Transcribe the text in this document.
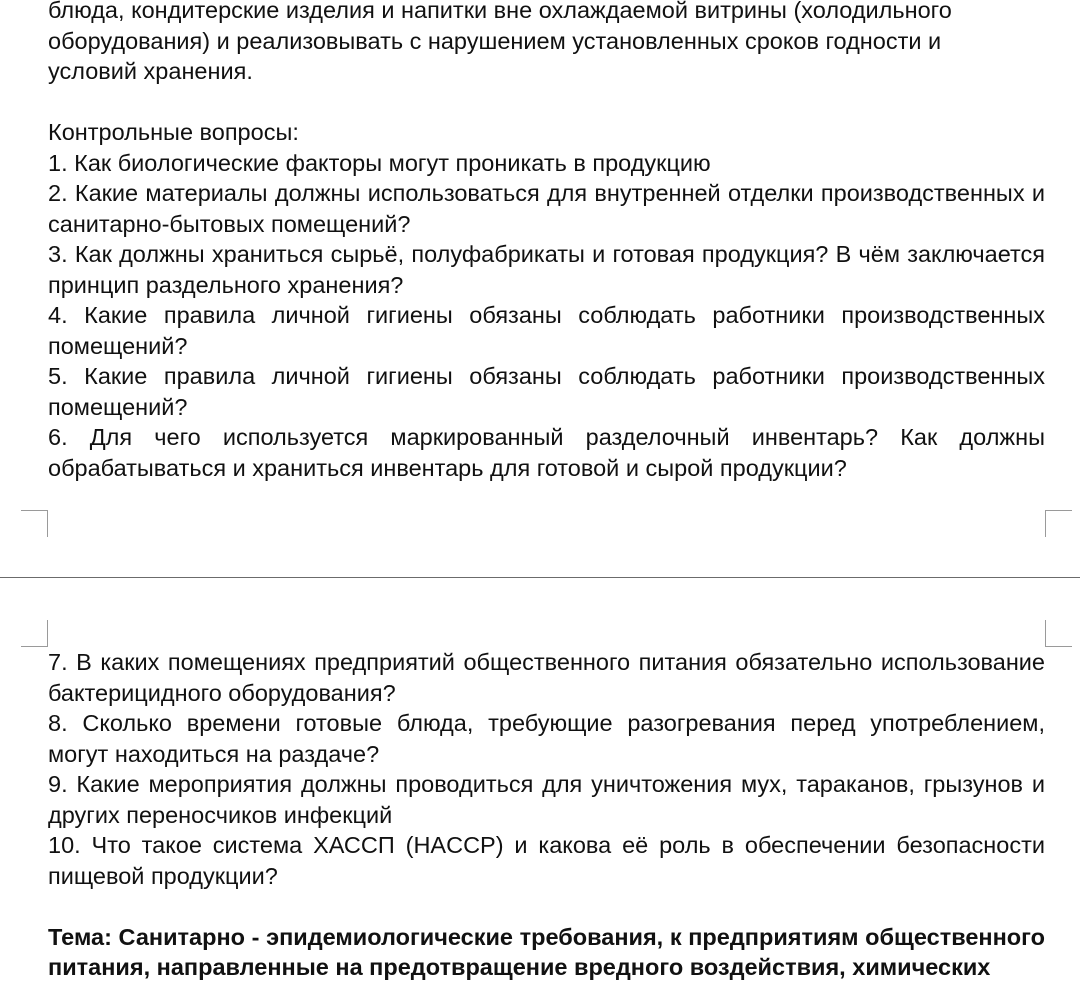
блюда, кондитерские изделия и напитки вне охлаждаемой витрины (холодильного

оборудования) и реализовывать с нарушением установленных сроков годности и

условий хранения.

Контрольные вопросы:

1. Как биологические факторы могут проникать в продукцию

2. Какие материалы должны использоваться для внутренней отделки производственных и санитарно-бытовых помещений?

3. Как должны храниться сырьё, полуфабрикаты и готовая продукция? В чём заключается принцип раздельного хранения?

4. Какие правила личной гигиены обязаны соблюдать работники производственных помещений?

5. Какие правила личной гигиены обязаны соблюдать работники производственных помещений?

6. Для чего используется маркированный разделочный инвентарь? Как должны обрабатываться и храниться инвентарь для готовой и сырой продукции?

7. В каких помещениях предприятий общественного питания обязательно использование бактерицидного оборудования?

8. Сколько времени готовые блюда, требующие разогревания перед употреблением, могут находиться на раздаче?

9. Какие мероприятия должны проводиться для уничтожения мух, тараканов, грызунов и других переносчиков инфекций

10. Что такое система ХАССП (HACCP) и какова её роль в обеспечении безопасности пищевой продукции?

Тема: Санитарно - эпидемиологические требования, к предприятиям общественного питания, направленные на предотвращение вредного воздействия, химических
